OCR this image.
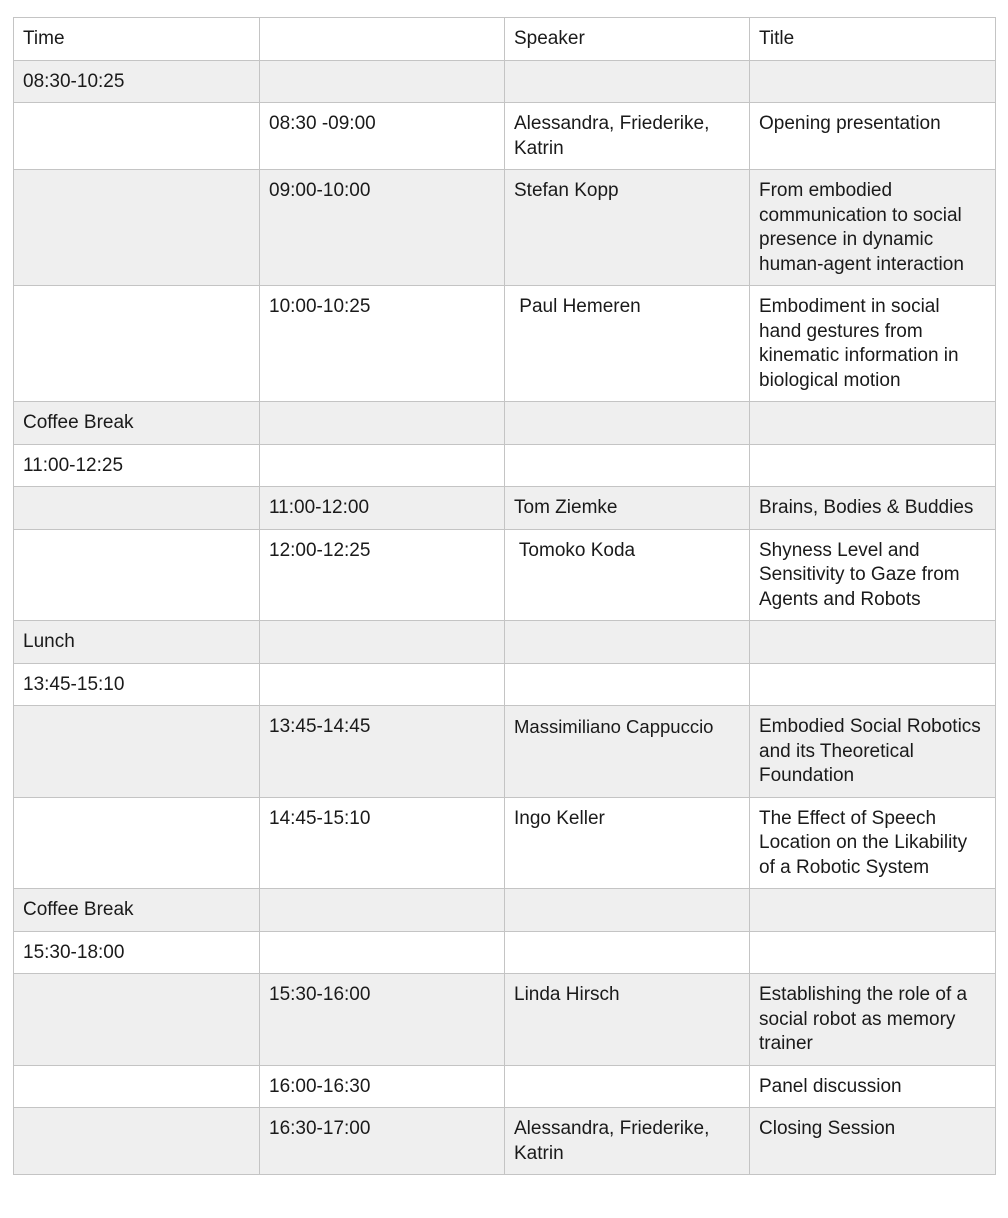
Time		Speaker	Title
08:30-10:25			
	08:30 -09:00	Alessandra, Friederike, Katrin	Opening presentation
	09:00-10:00	Stefan Kopp	From embodied communication to social presence in dynamic human-agent interaction
	10:00-10:25	Paul Hemeren	Embodiment in social hand gestures from kinematic information in biological motion
Coffee Break			
11:00-12:25			
	11:00-12:00	Tom Ziemke	Brains, Bodies & Buddies
	12:00-12:25	Tomoko Koda	Shyness Level and Sensitivity to Gaze from Agents and Robots
Lunch			
13:45-15:10			
	13:45-14:45	Massimiliano Cappuccio	Embodied Social Robotics and its Theoretical Foundation
	14:45-15:10	Ingo Keller	The Effect of Speech Location on the Likability of a Robotic System
Coffee Break			
15:30-18:00			
	15:30-16:00	Linda Hirsch	Establishing the role of a social robot as memory trainer
	16:00-16:30		Panel discussion
	16:30-17:00	Alessandra, Friederike, Katrin	Closing Session
